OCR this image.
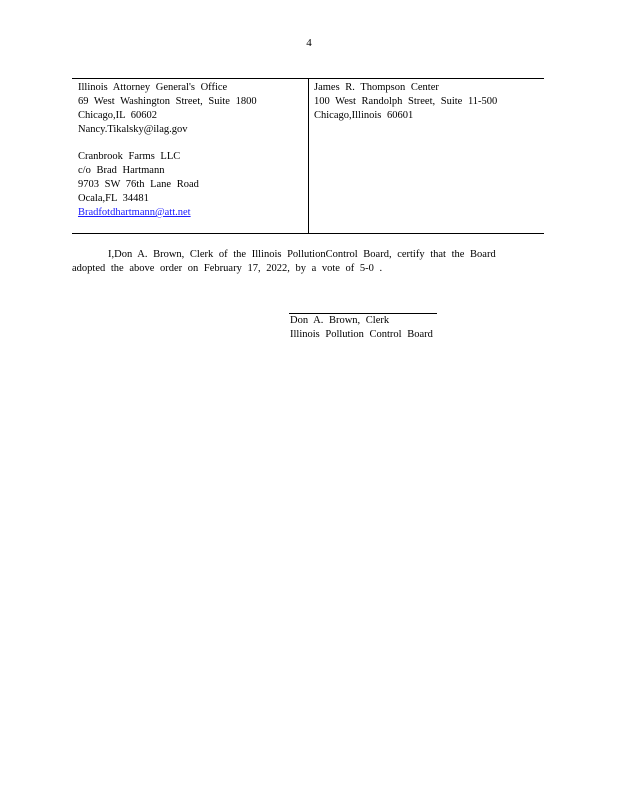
4
Illinois Attorney General's Office
69 West Washington Street, Suite 1800
Chicago,IL 60602
Nancy.Tikalsky@ilag.gov
Cranbrook Farms LLC
c/o Brad Hartmann
9703 SW 76th Lane Road
Ocala,FL 34481
Bradfotdhartmann@att.net
James R. Thompson Center
100 West Randolph Street, Suite 11-500
Chicago,Illinois 60601
I,Don A. Brown, Clerk of the Illinois PollutionControl Board, certify that the Board
adopted the above order on February 17, 2022, by a vote of 5-0 .
Don A. Brown, Clerk
Illinois Pollution Control Board
